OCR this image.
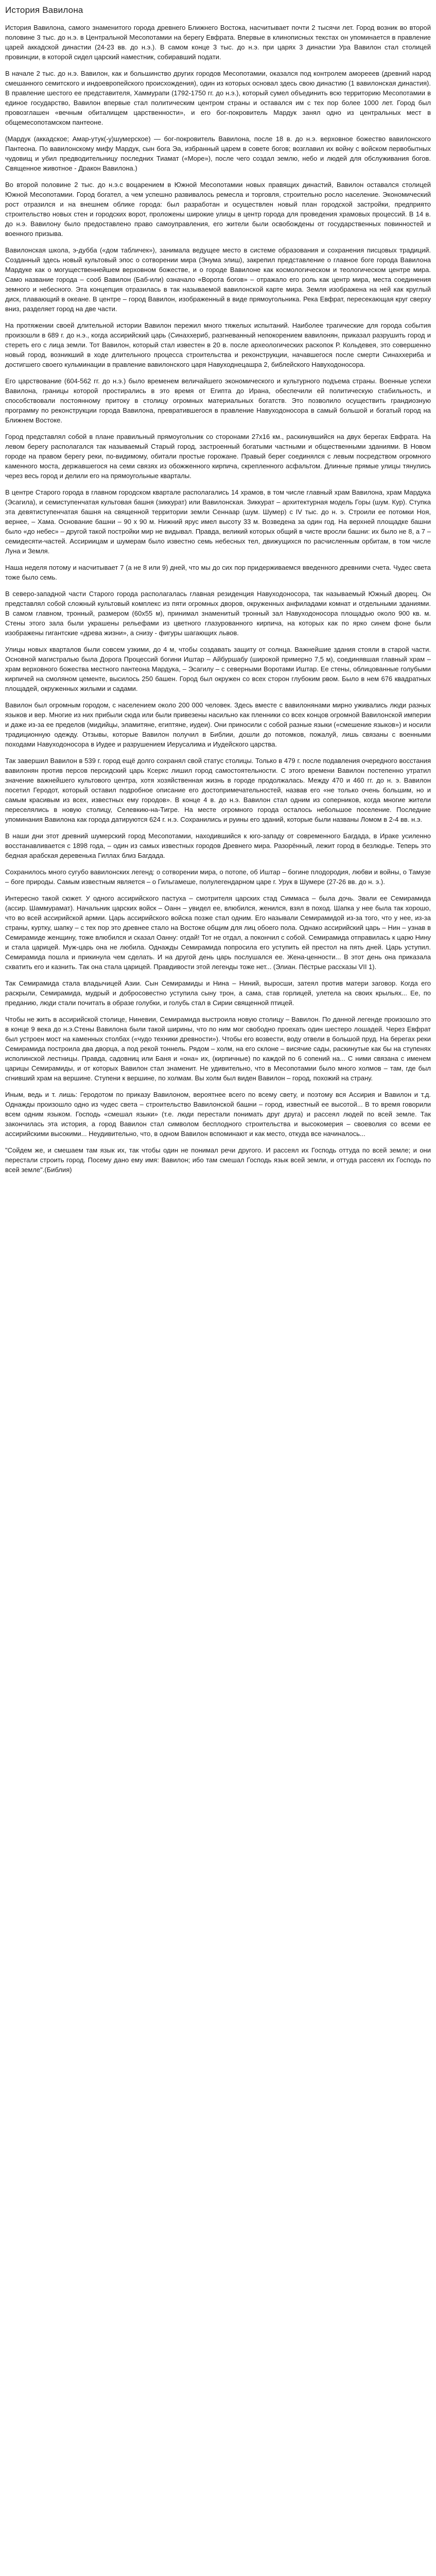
История Вавилона

История Вавилона, самого знаменитого города древнего Ближнего Востока, насчитывает почти 2 тысячи лет. Город возник во второй половине 3 тыс. до н.э. в Центральной Месопотамии на берегу Евфрата. Впервые в клинописных текстах он упоминается в правление царей аккадской династии (24-23 вв. до н.э.). В самом конце 3 тыс. до н.э. при царях 3 династии Ура Вавилон стал столицей провинции, в которой сидел царский наместник, собиравший подати.

В начале 2 тыс. до н.э. Вавилон, как и большинство других городов Месопотамии, оказался под контролем аморееев (древний народ смешанного семитского и индоевропейского происхождения), один из которых основал здесь свою династию (1 вавилонская династия). В правление шестого ее представителя, Хаммурапи (1792-1750 гг. до н.э.), который сумел объединить всю территорию Месопотамии в единое государство, Вавилон впервые стал политическим центром страны и оставался им с тех пор более 1000 лет. Город был провозглашен «вечным обиталищем царственности», и его бог-покровитель Мардук занял одно из центральных мест в общемесопотамском пантеоне.

(Мардук (аккадское; Амар-утук(-у)шумерское) — бог-покровитель Вавилона, после 18 в. до н.э. верховное божество вавилонского Пантеона. По вавилонскому мифу Мардук, сын бога Эа, избранный царем в совете богов; возглавил их войну с войском первобытных чудовищ и убил предводительницу последних Тиамат («Море»), после чего создал землю, небо и людей для обслуживания богов. Священное животное - Дракон Вавилона.)

Во второй половине 2 тыс. до н.э.с воцарением в Южной Месопотамии новых правящих династий, Вавилон оставался столицей Южной Месопотамии. Город богател, а чем успешно развивалось ремесла и торговля, строительно росло население. Экономический рост отразился и на внешнем облике города: был разработан и осуществлен новый план городской застройки, предприято строительство новых стен и городских ворот, проложены широкие улицы в центр города для проведения храмовых процессий. В 14 в. до н.э. Вавилону было предоставлено право самоуправления, его жители были освобождены от государственных повинностей и военного призыва.

Вавилонская школа, э-дубба («дом табличек»), занимала ведущее место в системе образования и сохранения писцовых традиций. Созданный здесь новый культовый эпос о сотворении мира (Энума элиш), закрепил представление о главное боге города Вавилона Мардуке как о могущественнейшем верховном божестве, и о городе Вавилоне как космологическом и теологическом центре мира. Само название города – сооб Вавилон (Баб-или) означало «Ворота богов» – отражало его роль как центр мира, места соединения земного и небесного. Эта концепция отразилась в так называемой вавилонской карте мира. Земля изображена на ней как круглый диск, плавающий в океане. В центре – город Вавилон, изображенный в виде прямоугольника. Река Евфрат, пересекающая круг сверху вниз, разделяет город на две части.

На протяжении своей длительной истории Вавилон пережил много тяжелых испытаний. Наиболее трагические для города события произошли в 689 г. до н.э., когда ассирийский царь (Синаххериб, разгневанный непокорением вавилонян, приказал разрушить город и стереть его с лица земли. Тот Вавилон, который стал известен в 20 в. после археологических раскопок Р. Кольдевея, это совершенно новый город, возникший в ходе длительного процесса строительства и реконструкции, начавшегося после смерти Синаххериба и достигшего своего кульминации в правление вавилонского царя Навуходнецашра 2, библейского Навуходоносора.

Его царствование (604-562 гг. до н.э.) было временем величайшего экономического и культурного подъема страны. Военные успехи Вавилона, границы которой простирались в это время от Египта до Ирана, обеспечили ей политическую стабильность, и способствовали постоянному притоку в столицу огромных материальных богатств. Это позволило осуществить грандиозную программу по реконструкции города Вавилона, превратившегося в правление Навуходоносора в самый большой и богатый город на Ближнем Востоке.

Город представлял собой в плане правильный прямоугольник со сторонами 27х16 км., раскинувшийся на двух берегах Евфрата. На левом берегу располагался так называемый Старый город, застроенный богатыми частными и общественными зданиями. В Новом городе на правом берегу реки, по-видимому, обитали простые горожане. Правый берег соединялся с левым посредством огромного каменного моста, державшегося на семи связях из обожженного кирпича, скрепленного асфальтом. Длинные прямые улицы тянулись через весь город и делили его на прямоугольные кварталы.

В центре Старого города в главном городском квартале располагались 14 храмов, в том числе главный храм Вавилона, храм Мардука (Эсагила), и семиступенчатая культовая башня (зиккурат) или Вавилонская. Зиккурат – архитектурная модель Горы (шум. Кур). Ступка эта девятиступенчатая башня на священной территории земли Сеннаар (шум. Шумер) с IV тыс. до н. э. Строили ее потомки Ноя, вернее, – Хама. Основание башни – 90 х 90 м. Нижний ярус имел высоту 33 м. Возведена за один год. На верхней площадке башни было «до небес» – другой такой постройки мир не видывал. Правда, великий которых общий в чисте вросли башни: их было не 8, а 7 – семидесяти-частей. Ассириицам и шумерам было известно семь небесных тел, движущихся по расчисленным орбитам, в том числе Луна и Земля.

Наша неделя потому и насчитывает 7 (а не 8 или 9) дней, что мы до сих пор придерживаемся введенного древними счета. Чудес света тоже было семь.

В северо-западной части Старого города располагалась главная резиденция Навуходоносора, так называемый Южный дворец. Он представлял собой сложный культовый комплекс из пяти огромных дворов, окруженных анфиладами комнат и отдельными зданиями. В самом главном, тронный, размером (60х55 м), принимал знаменитый тронный зал Навуходоносора площадью около 900 кв. м. Стены этого зала были украшены рельефами из цветного глазурованного кирпича, на которых как по ярко синем фоне были изображены гигантские «древа жизни», а снизу - фигуры шагающих львов.

Улицы новых кварталов были совсем узкими, до 4 м, чтобы создавать защиту от солнца. Важнейшие здания стояли в старой части. Основной магистралью была Дорога Процессий богини Иштар – Айбуршабу (широкой примерно 7,5 м), соединявшая главный храм – храм верховного божества местного пантеона Мардука, – Эсагилу – с северными Воротами Иштар. Ее стены, облицованные голубыми кирпичей на смоляном цементе, высилось 250 башен. Город был окружен со всех сторон глубоким рвом. Было в нем 676 квадратных площадей, окруженных жилыми и садами.

Вавилон был огромным городом, с населением около 200 000 человек. Здесь вместе с вавилонянами мирно уживались люди разных языков и вер. Многие из них прибыли сюда или были привезены насильно как пленники со всех концов огромной Вавилонской империи и даже из-за ее пределов (мидийцы, эламитяне, египтяне, иудеи). Они приносили с собой разные языки («смешение языков») и носили традиционную одежду. Отзывы, которые Вавилон получил в Библии, дошли до потомков, пожалуй, лишь связаны с военными походами Навуходоносора в Иудее и разрушением Иерусалима и Иудейского царства.

Так завершил Вавилон в 539 г. город ещё долго сохранял свой статус столицы. Только в 479 г. после подавления очередного восстания вавилонян против персов персидский царь Ксеркс лишил город самостоятельности. С этого времени Вавилон постепенно утратил значение важнейшего культового центра, хотя хозяйственная жизнь в городе продолжалась. Между 470 и 460 гг. до н. э. Вавилон посетил Геродот, который оставил подробное описание его достопримечательностей, назвав его «не только очень большим, но и самым красивым из всех, известных ему городов». В конце 4 в. до н.э. Вавилон стал одним из соперников, когда многие жители переселялись в новую столицу, Селевкию-на-Тигре. На месте огромного города осталось небольшое поселение. Последние упоминания Вавилона как города датируются 624 г. н.э. Сохранились и руины его зданий, которые были названы Ломом в 2-4 вв. н.э.

В наши дни этот древний шумерский город Месопотамии, находившийся к юго-западу от современного Багдада, в Ираке усиленно восстанавливается с 1898 года, – один из самых известных городов Древнего мира. Разорённый, лежит город в безлюдье. Теперь это бедная арабская деревенька Гиллах близ Багдада.

Сохранилось много сугубо вавилонских легенд: о сотворении мира, о потопе, об Иштар – богине плодородия, любви и войны, о Тамузе – боге природы. Самым известным является – о Гильгамеше, полулегендарном царе г. Урук в Шумере (27-26 вв. до н. э.).

Интересно такой сюжет. У одного ассирийского пастуха – смотрителя царских стад Симмаса – была дочь. Звали ее Семирамида (ассир. Шаммурамат). Начальник царских войск – Оанн – увидел ее, влюбился, женился, взял в поход. Шапка у нее была так хорошо, что во всей ассирийской армии. Царь ассирийского войска позже стал одним. Его называли Семирамидой из-за того, что у нее, из-за страны, куртку, шапку – с тех пор это древнее стало на Востоке общим для лиц обоего пола. Однако ассирийский царь – Нин – узнав в Семирамиде женщину, тоже влюбился и сказал Оанну: отдай! Тот не отдал, а покончил с собой. Семирамида отправилась к царю Нину и стала царицей. Муж-царь она не любила. Однажды Семирамида попросила его уступить ей престол на пять дней. Царь уступил. Семирамида пошла и прикинула чем сделать. И на другой день царь послушался ее. Жена-ценности... В этот день она приказала схватить его и казнить. Так она стала царицей. Правдивости этой легенды тоже нет... (Элиан. Пёстрые рассказы VII 1).

Так Семирамида стала владычицей Азии. Сын Семирамиды и Нина – Ниний, выросши, затеял против матери заговор. Когда его раскрыли, Семирамида, мудрый и добросовестно уступила сыну трон, а сама, став горлицей, улетела на своих крыльях... Ее, по преданию, люди стали почитать в образе голубки, и голубь стал в Сирии священной птицей.

Чтобы не жить в ассирийской столице, Ниневии, Семирамида выстроила новую столицу – Вавилон. По данной легенде произошло это в конце 9 века до н.э.Стены Вавилона были такой ширины, что по ним мог свободно проехать один шестеро лошадей. Через Евфрат был устроен мост на каменных столбах («чудо техники древности»). Чтобы его возвести, воду отвели в большой пруд. На берегах реки Семирамида построила два дворца, а под рекой тоннель. Рядом – холм, на его склоне – висячие сады, раскинутые как бы на ступенях исполинской лестницы. Правда, садовниц или Баня и «она» их, (кирпичные) по каждой по 6 сопений на... С ними связана с именем царицы Семирамиды, и от которых Вавилон стал знаменит. Не удивительно, что в Месопотамии было много холмов – там, где был сгнивший храм на вершине. Ступени к вершине, по холмам. Вы холм был виден Вавилон – город, похожий на страну.

Иным, ведь и т. лишь: Геродотом по приказу Вавилоном, вероятнее всего по всему свету, и поэтому вся Ассирия и Вавилон и т.д. Однажды произошло одно из чудес света – строительство Вавилонской башни – город, известный ее высотой... В то время говорили всем одним языком. Господь «смешал языки» (т.е. люди перестали понимать друг друга) и рассеял людей по всей земле. Так закончилась эта история, а город Вавилон стал символом бесплодного строительства и высокомерия – своеволия со всеми ее ассирийскими высокими... Неудивительно, что, в одном Вавилон вспоминают и как место, откуда все начиналось...

"Сойдем же, и смешаем там язык их, так чтобы один не понимал речи другого. И рассеял их Господь оттуда по всей земле; и они перестали строить город. Посему дано ему имя: Вавилон; ибо там смешал Господь язык всей земли, и оттуда рассеял их Господь по всей земле".(Библия)
